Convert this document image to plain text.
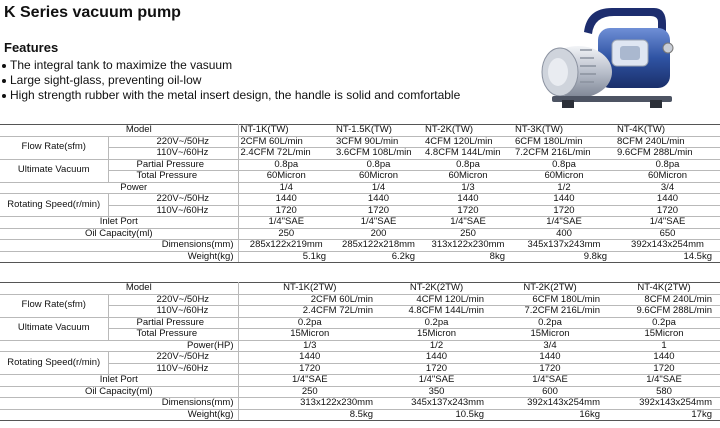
K Series vacuum pump
Features
The integral tank to maximize the vasuum
Large sight-glass, preventing oil-low
High strength rubber with the metal insert design, the handle is solid and comfortable
Model		NT-1K(TW)	NT-1.5K(TW)	NT-2K(TW)	NT-3K(TW)	NT-4K(TW)
Flow Rate(sfm)	220V~/50Hz	2CFM 60L/min	3CFM 90L/min	4CFM 120L/min	6CFM 180L/min	8CFM 240L/min
	110V~/60Hz	2.4CFM 72L/min	3.6CFM 108L/min	4.8CFM 144L/min	7.2CFM 216L/min	9.6CFM 288L/min
Ultimate Vacuum	Partial Pressure	0.8pa	0.8pa	0.8pa	0.8pa	0.8pa
	Total Pressure	60Micron	60Micron	60Micron	60Micron	60Micron
Power		1/4	1/4	1/3	1/2	3/4
Rotating Speed(r/min)	220V~/50Hz	1440	1440	1440	1440	1440
	110V~/60Hz	1720	1720	1720	1720	1720
Inlet Port		1/4"SAE	1/4"SAE	1/4"SAE	1/4"SAE	1/4"SAE
Oil Capacity(ml)		250	200	250	400	650
Dimensions(mm)		285x122x219mm	285x122x218mm	313x122x230mm	345x137x243mm	392x143x254mm
Weight(kg)		5.1kg	6.2kg	8kg	9.8kg	14.5kg
Model		NT-1K(2TW)	NT-2K(2TW)	NT-2K(2TW)	NT-4K(2TW)
Flow Rate(sfm)	220V~/50Hz	2CFM 60L/min	4CFM 120L/min	6CFM 180L/min	8CFM 240L/min
	110V~/60Hz	2.4CFM 72L/min	4.8CFM 144L/min	7.2CFM 216L/min	9.6CFM 288L/min
Ultimate Vacuum	Partial Pressure	0.2pa	0.2pa	0.2pa	0.2pa
	Total Pressure	15Micron	15Micron	15Micron	15Micron
Power(HP)		1/3	1/2	3/4	1
Rotating Speed(r/min)	220V~/50Hz	1440	1440	1440	1440
	110V~/60Hz	1720	1720	1720	1720
Inlet Port		1/4"SAE	1/4"SAE	1/4"SAE	1/4"SAE
Oil Capacity(ml)		250	350	600	580
Dimensions(mm)		313x122x230mm	345x137x243mm	392x143x254mm	392x143x254mm
Weight(kg)		8.5kg	10.5kg	16kg	17kg
